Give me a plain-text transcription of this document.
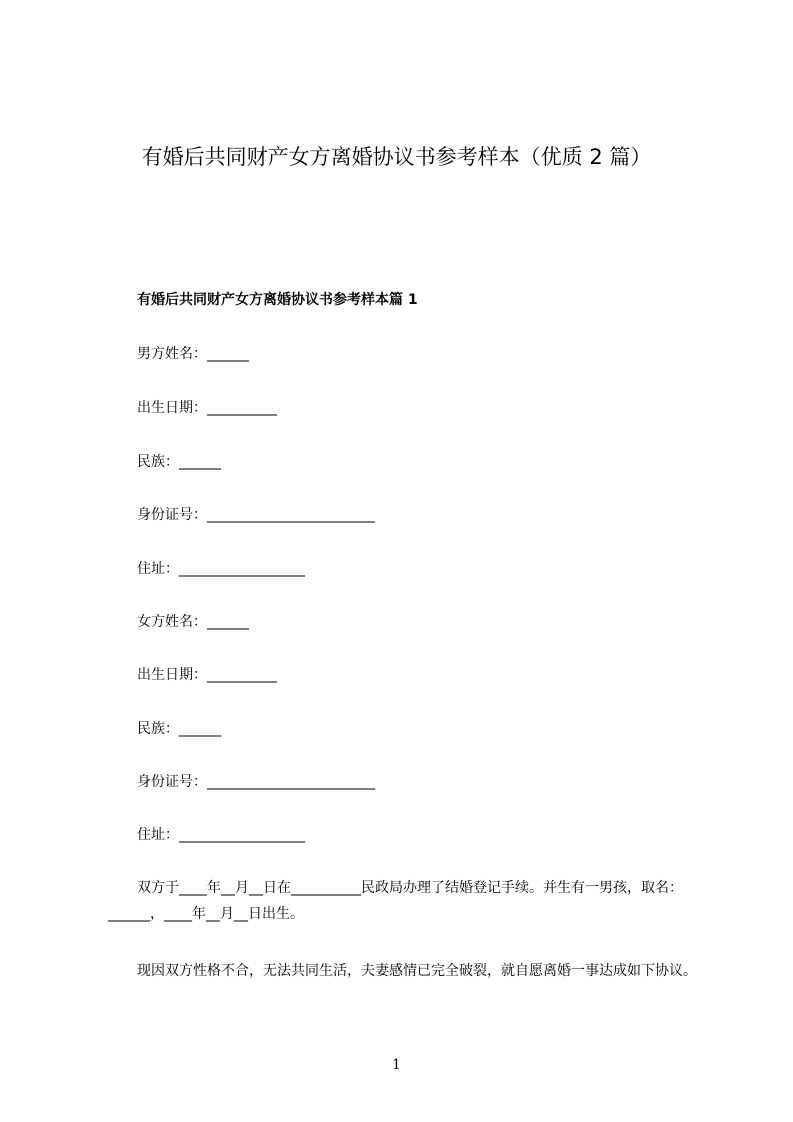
有婚后共同财产女方离婚协议书参考样本（优质 2 篇）
有婚后共同财产女方离婚协议书参考样本篇 1
男方姓名：______
出生日期：__________
民族：______
身份证号：________________________
住址：__________________
女方姓名：______
出生日期：__________
民族：______
身份证号：________________________
住址：__________________

双方于____年__月__日在__________民政局办理了结婚登记手续。并生有一男孩，取名：______，____年__月__日出生。

现因双方性格不合，无法共同生活，夫妻感情已完全破裂，就自愿离婚一事达成如下协议。

1
